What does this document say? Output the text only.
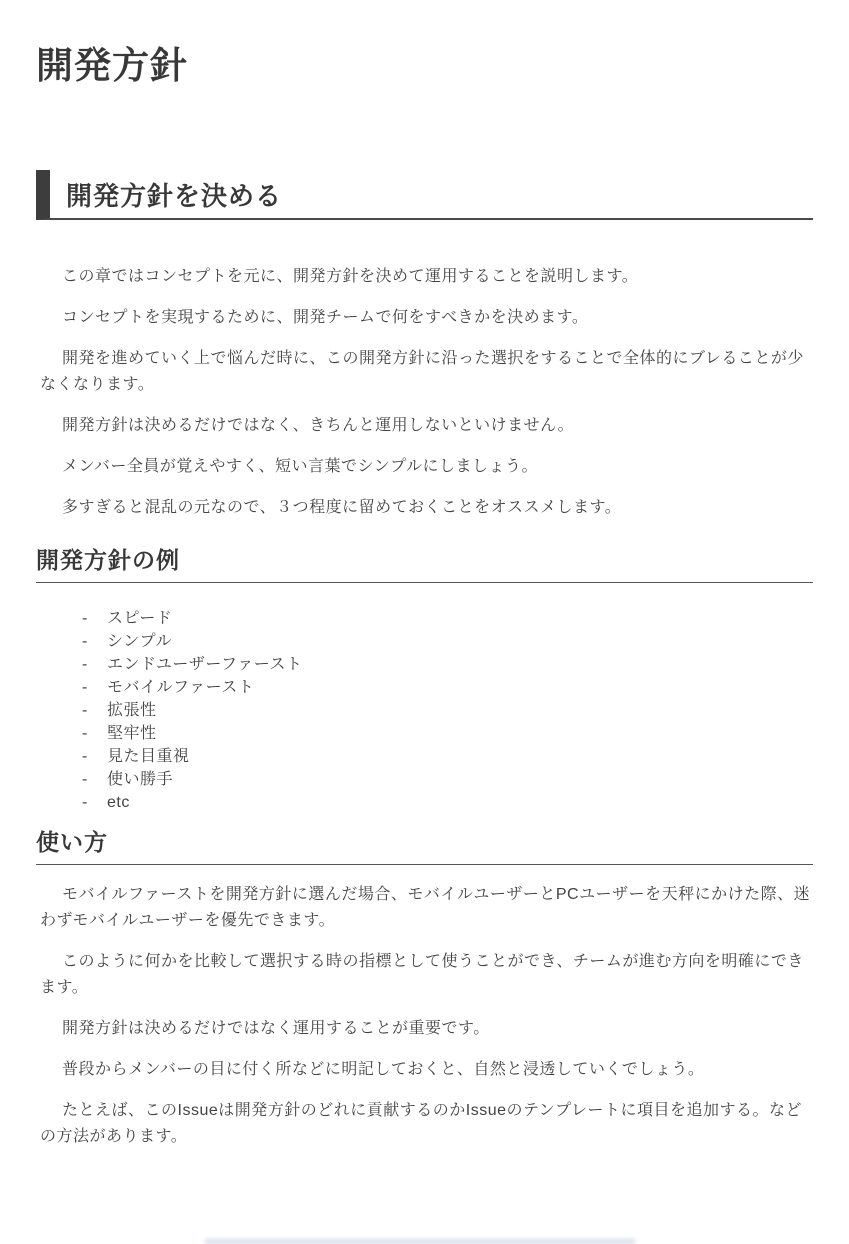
開発方針
開発方針を決める

この章ではコンセプトを元に、開発方針を決めて運用することを説明します。

コンセプトを実現するために、開発チームで何をすべきかを決めます。

開発を進めていく上で悩んだ時に、この開発方針に沿った選択をすることで全体的にブレることが少なくなります。

開発方針は決めるだけではなく、きちんと運用しないといけません。

メンバー全員が覚えやすく、短い言葉でシンプルにしましょう。

多すぎると混乱の元なので、３つ程度に留めておくことをオススメします。

開発方針の例
-	スピード
-	シンプル
-	エンドユーザーファースト
-	モバイルファースト
-	拡張性
-	堅牢性
-	見た目重視
-	使い勝手
-	etc
使い方

モバイルファーストを開発方針に選んだ場合、モバイルユーザーとPCユーザーを天秤にかけた際、迷わずモバイルユーザーを優先できます。

このように何かを比較して選択する時の指標として使うことができ、チームが進む方向を明確にできます。

開発方針は決めるだけではなく運用することが重要です。

普段からメンバーの目に付く所などに明記しておくと、自然と浸透していくでしょう。

たとえば、このIssueは開発方針のどれに貢献するのかIssueのテンプレートに項目を追加する。などの方法があります。
